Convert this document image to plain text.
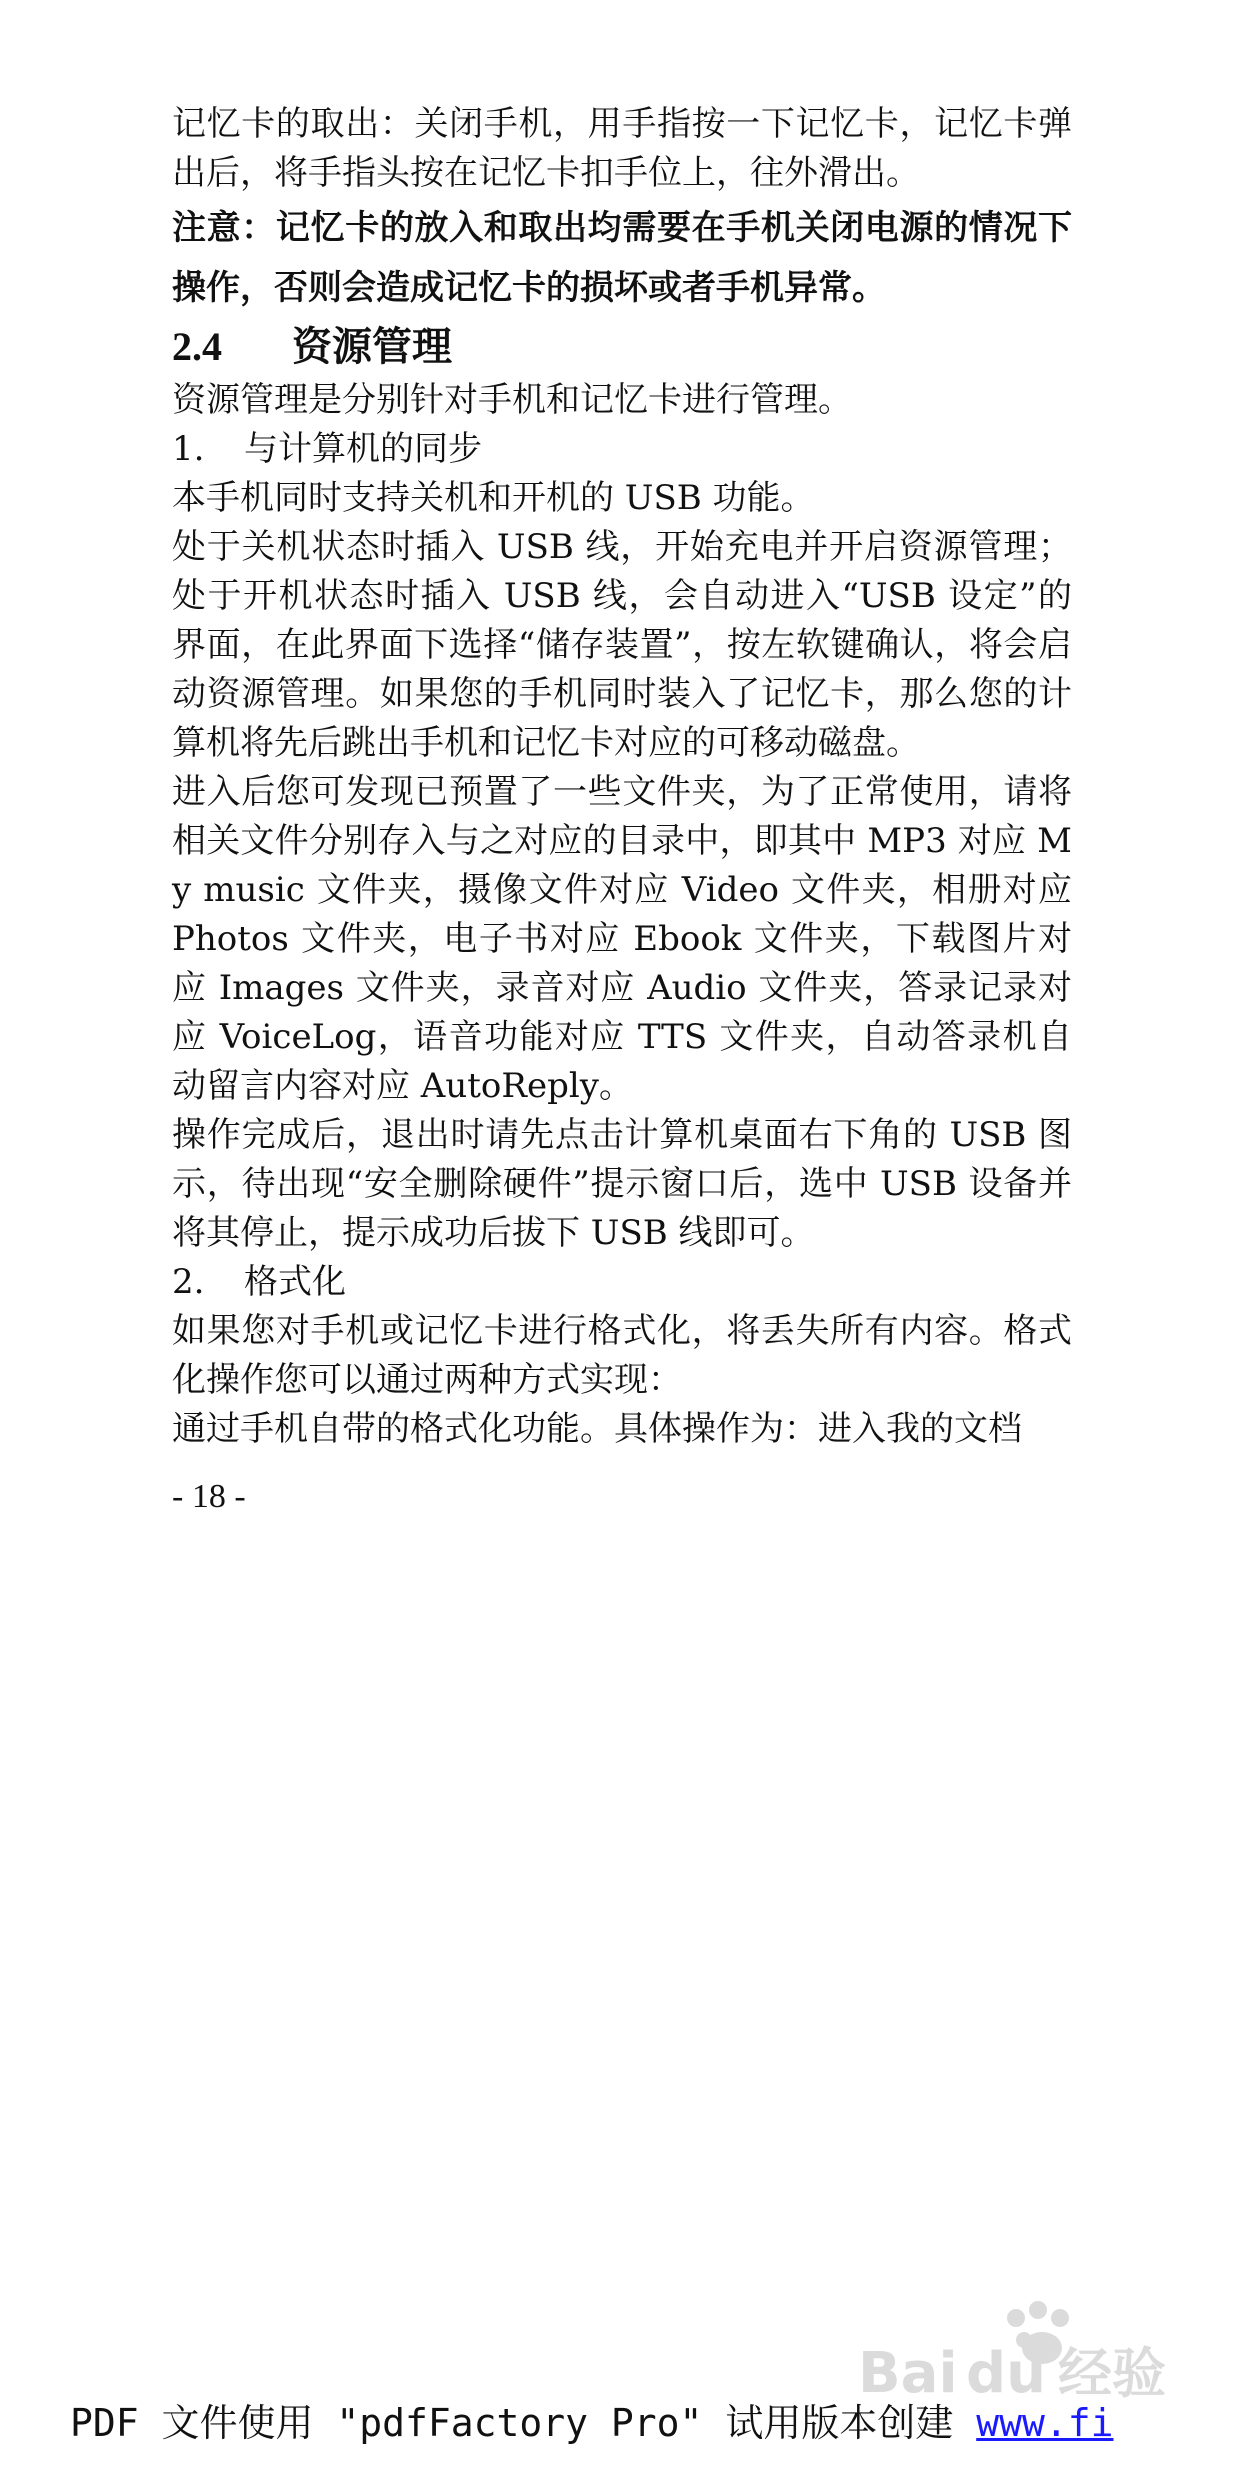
记忆卡的取出：关闭手机，用手指按一下记忆卡，记忆卡弹出后，将手指头按在记忆卡扣手位上，往外滑出。

注意：记忆卡的放入和取出均需要在手机关闭电源的情况下操作，否则会造成记忆卡的损坏或者手机异常。

2.4 资源管理

资源管理是分别针对手机和记忆卡进行管理。

1. 与计算机的同步

本手机同时支持关机和开机的 USB 功能。

处于关机状态时插入 USB 线，开始充电并开启资源管理；处于开机状态时插入 USB 线，会自动进入“USB 设定”的界面，在此界面下选择“储存装置”，按左软键确认，将会启动资源管理。如果您的手机同时装入了记忆卡，那么您的计算机将先后跳出手机和记忆卡对应的可移动磁盘。

进入后您可发现已预置了一些文件夹，为了正常使用，请将相关文件分别存入与之对应的目录中，即其中 MP3 对应 My music 文件夹，摄像文件对应 Video 文件夹，相册对应 Photos 文件夹，电子书对应 Ebook 文件夹，下载图片对应 Images 文件夹，录音对应 Audio 文件夹，答录记录对应 VoiceLog，语音功能对应 TTS 文件夹，自动答录机自动留言内容对应 AutoReply。

操作完成后，退出时请先点击计算机桌面右下角的 USB 图示，待出现“安全删除硬件”提示窗口后，选中 USB 设备并将其停止，提示成功后拔下 USB 线即可。

2. 格式化

如果您对手机或记忆卡进行格式化，将丢失所有内容。格式化操作您可以通过两种方式实现：

通过手机自带的格式化功能。具体操作为：进入我的文档

- 18 -

Bai du 经验
PDF 文件使用 "pdfFactory Pro" 试用版本创建 www.fi
